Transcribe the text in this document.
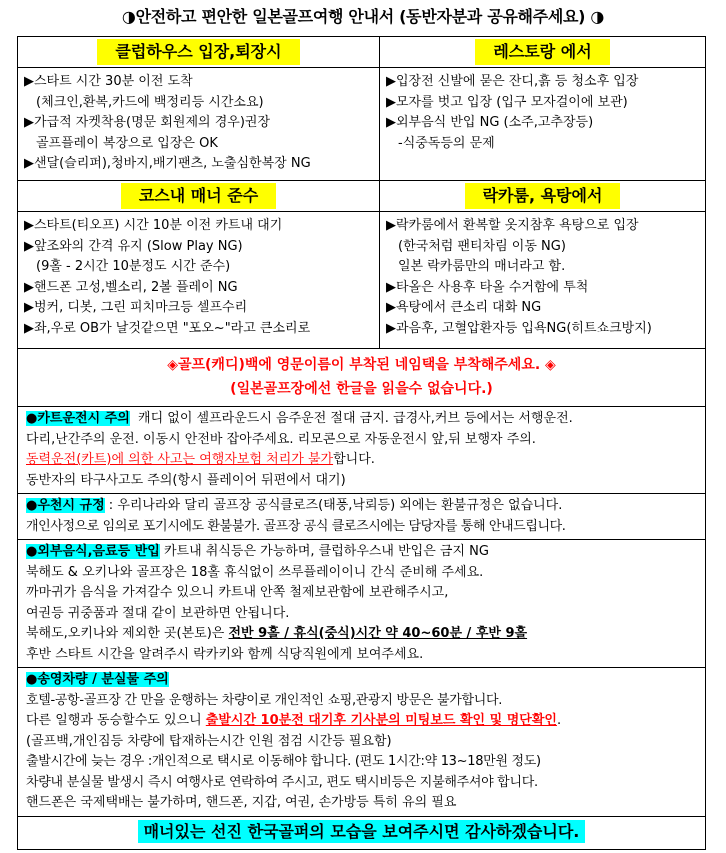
◑안전하고 편안한 일본골프여행 안내서 (동반자분과 공유해주세요) ◑
클럽하우스 입장,퇴장시

▶스타트 시간 30분 이전 도착

(체크인,환복,카드에 백정리등 시간소요)

▶가급적 자켓착용(명문 회원제의 경우)권장

골프플레이 복장으로 입장은 OK

▶샌달(슬리퍼),청바지,배기팬츠, 노출심한복장 NG

레스토랑 에서

▶입장전 신발에 묻은 잔디,흙 등 청소후 입장

▶모자를 벗고 입장 (입구 모자걸이에 보관)

▶외부음식 반입 NG (소주,고추장등)

-식중독등의 문제

코스내 매너 준수

▶스타트(티오프) 시간 10분 이전 카트내 대기

▶앞조와의 간격 유지 (Slow Play NG)

(9홀 - 2시간 10분정도 시간 준수)

▶핸드폰 고성,벨소리, 2볼 플레이 NG

▶벙커, 디봇, 그린 피치마크등 셀프수리

▶좌,우로 OB가 날것같으면 "포오~"라고 큰소리로

락카룸, 욕탕에서

▶락카룸에서 환복할 옷지참후 욕탕으로 입장

(한국처럼 팬티차림 이동 NG)

일본 락카룸만의 매너라고 함.

▶타올은 사용후 타올 수거함에 투척

▶욕탕에서 큰소리 대화 NG

▶과음후, 고혈압환자등 입욕NG(히트쇼크방지)

◈골프(캐디)백에 영문이름이 부착된 네임택을 부착해주세요. ◈

(일본골프장에선 한글을 읽을수 없습니다.)

●카트운전시 주의  캐디 없이 셀프라운드시 음주운전 절대 금지. 급경사,커브 등에서는 서행운전.

다리,난간주의 운전. 이동시 안전바 잡아주세요. 리모콘으로 자동운전시 앞,뒤 보행자 주의.

동력운전(카트)에 의한 사고는 여행자보험 처리가 불가합니다.

동반자의 타구사고도 주의(항시 플레이어 뒤편에서 대기)

●우천시 규정 : 우리나라와 달리 골프장 공식클로즈(태풍,낙뢰등) 외에는 환불규정은 없습니다.

개인사정으로 임의로 포기시에도 환불불가. 골프장 공식 클로즈시에는 담당자를 통해 안내드립니다.

●외부음식,음료등 반입 카트내 취식등은 가능하며, 클럽하우스내 반입은 금지 NG

북해도 & 오키나와 골프장은 18홀 휴식없이 쓰루플레이이니 간식 준비해 주세요.

까마귀가 음식을 가져갈수 있으니 카트내 안쪽 철제보관함에 보관해주시고,

여권등 귀중품과 절대 같이 보관하면 안됩니다.

북해도,오키나와 제외한 곳(본토)은 전반 9홀 / 휴식(중식)시간 약 40~60분 / 후반 9홀

후반 스타트 시간을 알려주시 락카키와 함께 식당직원에게 보여주세요.

●송영차량 / 분실물 주의

호텔-공항-골프장 간 만을 운행하는 차량이로 개인적인 쇼핑,관광지 방문은 불가합니다.

다른 일행과 동승할수도 있으니 출발시간 10분전 대기후 기사분의 미팅보드 확인 및 명단확인.

(골프백,개인짐등 차량에 탑재하는시간 인원 점검 시간등 필요함)

출발시간에 늦는 경우 :개인적으로 택시로 이동해야 합니다. (편도 1시간:약 13~18만원 정도)

차량내 분실물 발생시 즉시 여행사로 연락하여 주시고, 편도 택시비등은 지불해주셔야 합니다.

핸드폰은 국제택배는 불가하며, 핸드폰, 지갑, 여권, 손가방등 특히 유의 필요

매너있는 선진 한국골퍼의 모습을 보여주시면 감사하겠습니다.
